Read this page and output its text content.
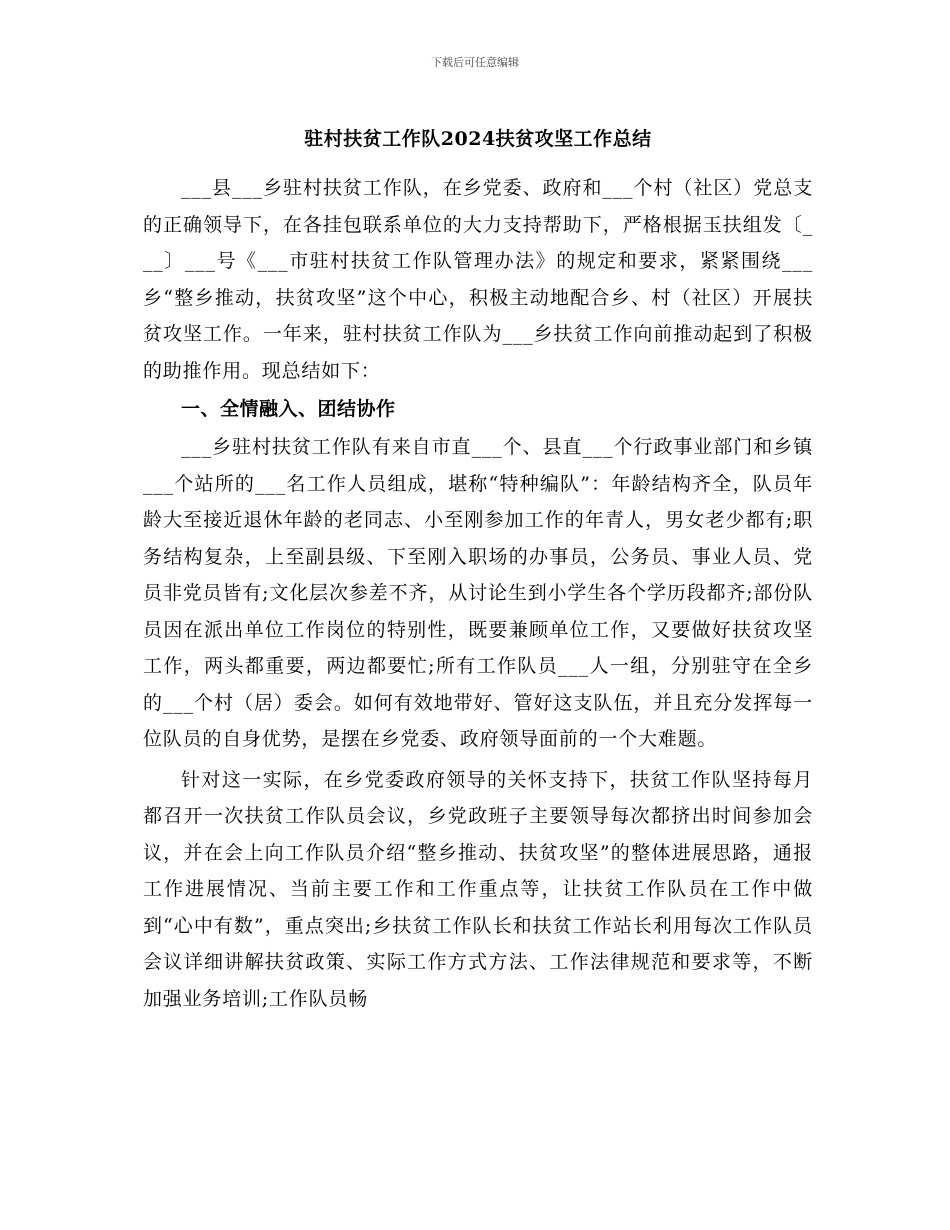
下载后可任意编辑

驻村扶贫工作队2024扶贫攻坚工作总结

___县___乡驻村扶贫工作队，在乡党委、政府和___个村（社区）党总支的正确领导下，在各挂包联系单位的大力支持帮助下，严格根据玉扶组发〔___〕___号《___市驻村扶贫工作队管理办法》的规定和要求，紧紧围绕___乡“整乡推动，扶贫攻坚”这个中心，积极主动地配合乡、村（社区）开展扶贫攻坚工作。一年来，驻村扶贫工作队为___乡扶贫工作向前推动起到了积极的助推作用。现总结如下：

一、全情融入、团结协作

___乡驻村扶贫工作队有来自市直___个、县直___个行政事业部门和乡镇___个站所的___名工作人员组成，堪称“特种编队”：年龄结构齐全，队员年龄大至接近退休年龄的老同志、小至刚参加工作的年青人，男女老少都有;职务结构复杂，上至副县级、下至刚入职场的办事员，公务员、事业人员、党员非党员皆有;文化层次参差不齐，从讨论生到小学生各个学历段都齐;部份队员因在派出单位工作岗位的特别性，既要兼顾单位工作，又要做好扶贫攻坚工作，两头都重要，两边都要忙;所有工作队员___人一组，分别驻守在全乡的___个村（居）委会。如何有效地带好、管好这支队伍，并且充分发挥每一位队员的自身优势，是摆在乡党委、政府领导面前的一个大难题。

针对这一实际，在乡党委政府领导的关怀支持下，扶贫工作队坚持每月都召开一次扶贫工作队员会议，乡党政班子主要领导每次都挤出时间参加会议，并在会上向工作队员介绍“整乡推动、扶贫攻坚”的整体进展思路，通报工作进展情况、当前主要工作和工作重点等，让扶贫工作队员在工作中做到“心中有数”，重点突出;乡扶贫工作队长和扶贫工作站长利用每次工作队员会议详细讲解扶贫政策、实际工作方式方法、工作法律规范和要求等，不断加强业务培训;工作队员畅
